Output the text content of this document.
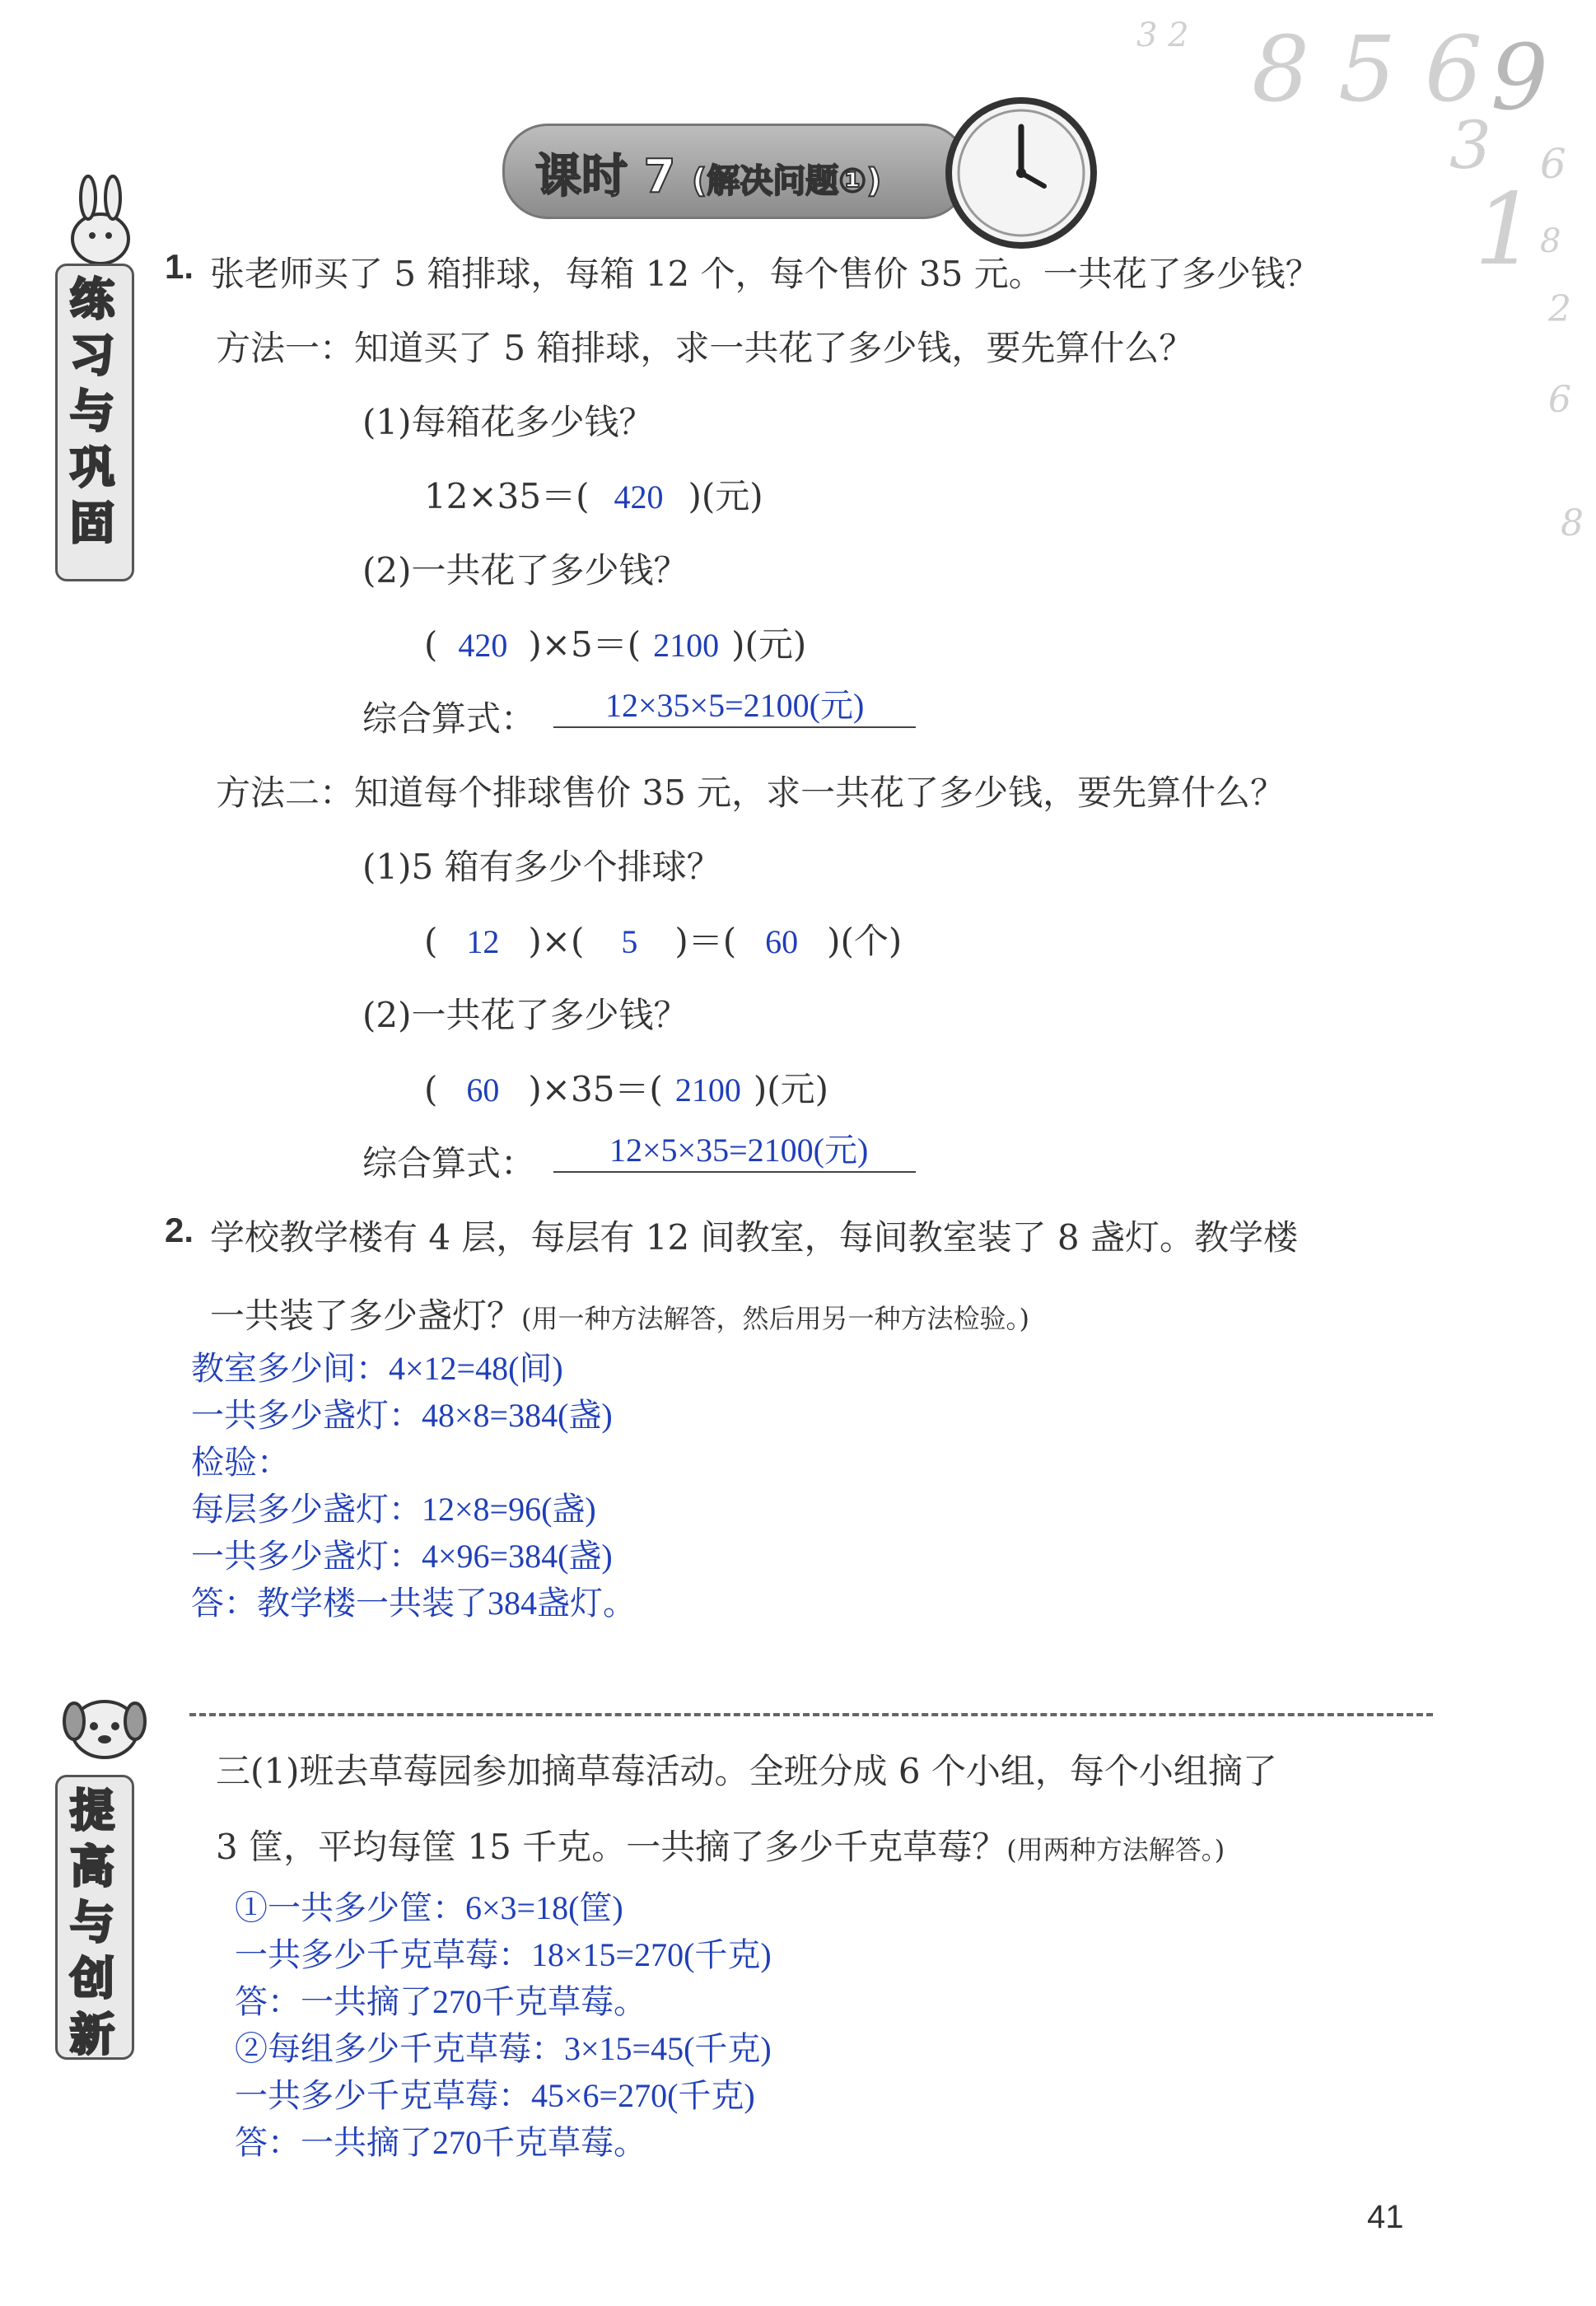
3 2 8 5 6 9
3 6
1 8
2
6
8
课时 7 (解决问题①)
练习与巩固
1. 张老师买了 5 箱排球，每箱 12 个，每个售价 35 元。一共花了多少钱？
方法一：知道买了 5 箱排球，求一共花了多少钱，要先算什么？
(1)每箱花多少钱？
12×35＝( 420 )(元)
(2)一共花了多少钱？
( 420 )×5＝( 2100 )(元)
综合算式： 12×35×5=2100(元)
方法二：知道每个排球售价 35 元，求一共花了多少钱，要先算什么？
(1)5 箱有多少个排球？
( 12 )×( 5 )＝( 60 )(个)
(2)一共花了多少钱？
( 60 )×35＝( 2100 )(元)
综合算式： 12×5×35=2100(元)
2. 学校教学楼有 4 层，每层有 12 间教室，每间教室装了 8 盏灯。教学楼
一共装了多少盏灯？(用一种方法解答，然后用另一种方法检验。)
教室多少间：4×12=48(间)
一共多少盏灯：48×8=384(盏)
检验：
每层多少盏灯：12×8=96(盏)
一共多少盏灯：4×96=384(盏)
答：教学楼一共装了384盏灯。
提高与创新
三(1)班去草莓园参加摘草莓活动。全班分成 6 个小组，每个小组摘了
3 筐，平均每筐 15 千克。一共摘了多少千克草莓？(用两种方法解答。)
①一共多少筐：6×3=18(筐)
一共多少千克草莓：18×15=270(千克)
答：一共摘了270千克草莓。
②每组多少千克草莓：3×15=45(千克)
一共多少千克草莓：45×6=270(千克)
答：一共摘了270千克草莓。
41
